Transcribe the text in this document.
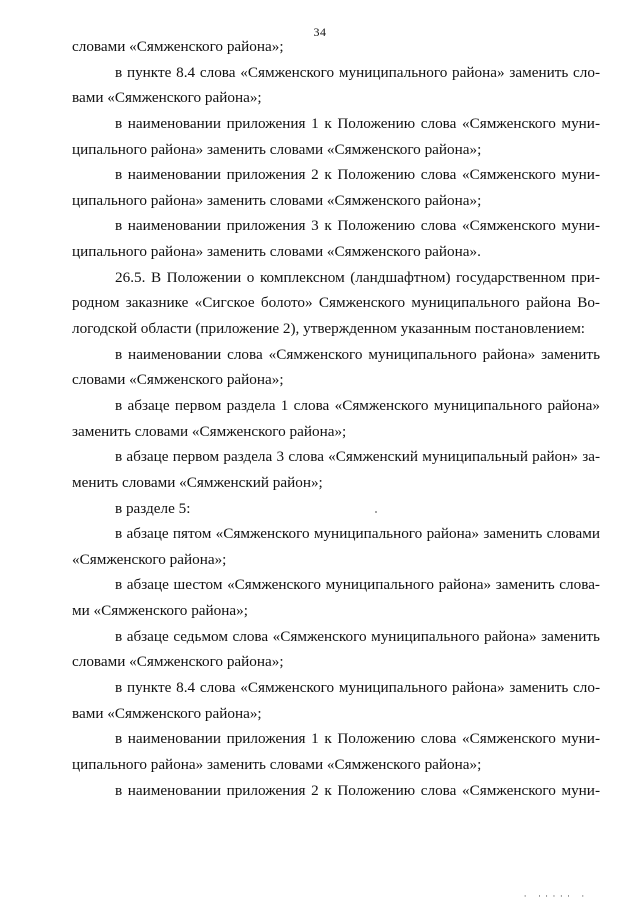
34
словами «Сямженского района»;
в пункте 8.4 слова «Сямженского муниципального района» заменить сло-
вами «Сямженского района»;
в наименовании приложения 1 к Положению слова «Сямженского муни-
ципального района» заменить словами «Сямженского района»;
в наименовании приложения 2 к Положению слова «Сямженского муни-
ципального района» заменить словами «Сямженского района»;
в наименовании приложения 3 к Положению слова «Сямженского муни-
ципального района» заменить словами «Сямженского района».
26.5. В Положении о комплексном (ландшафтном) государственном при-
родном заказнике «Сигское болото» Сямженского муниципального района Во-
логодской области (приложение 2), утвержденном указанным постановлением:
в наименовании слова «Сямженского муниципального района» заменить
словами «Сямженского района»;
в абзаце первом раздела 1 слова «Сямженского муниципального района»
заменить словами «Сямженского района»;
в абзаце первом раздела 3 слова «Сямженский муниципальный район» за-
менить словами «Сямженский район»;
в разделе 5:
в абзаце пятом «Сямженского муниципального района» заменить словами
«Сямженского района»;
в абзаце шестом «Сямженского муниципального района» заменить слова-
ми «Сямженского района»;
в абзаце седьмом слова «Сямженского муниципального района» заменить
словами «Сямженского района»;
в пункте 8.4 слова «Сямженского муниципального района» заменить сло-
вами «Сямженского района»;
в наименовании приложения 1 к Положению слова «Сямженского муни-
ципального района» заменить словами «Сямженского района»;
в наименовании приложения 2 к Положению слова «Сямженского муни-
' ''''' '
